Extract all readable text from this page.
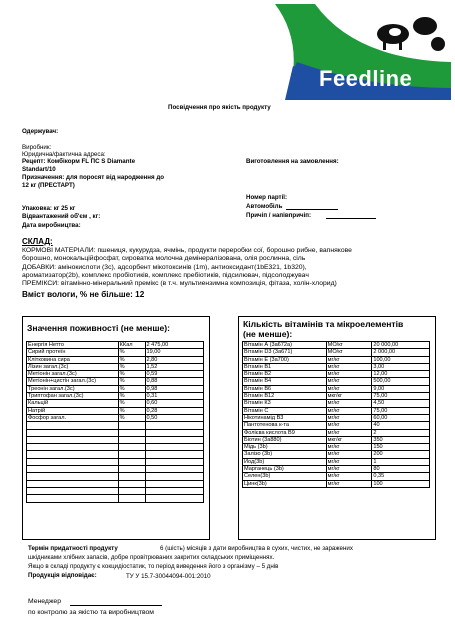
Feedline
Посвідчення про якість продукту
Одержувач:
Виробник:
Юридична/фактична адреса:
Рецепт: Комбікорм FL ПС S Diamante
Standart/10
Призначення: для поросят від народження до
12 кг (ПРЕСТАРТ)
Виготовлення на замовлення:
Номер партії:
Упаковка: кг 25 кг	Автомобіль
Відвантажений об'єм , кг:	Причіп / напівпричіп:
Дата виробництва:
СКЛАД:
КОРМОВІ МАТЕРІАЛИ: пшениця, кукурудза, ячмінь, продукти переробки сої, борошно рибне, вапнякове
борошно, монокальційфосфат, сироватка молочна демінералізована, олія рослинна, сіль
ДОБАВКИ: амінокислоти (3с), адсорбент мікотоксинів (1m), антиоксидант(1bE321, 1b320),
ароматизатор(2b), комплекс пробіотиків, комплекс пребіотиків, підсилювач, підсолоджувач
ПРЕМІКСИ: вітамінно-мінеральний премікс (в т.ч. мультиензимна композиція, фітаза, холін-хлорид)
Вміст вологи, % не більше: 12
Значення поживності (не менше):
Енергія Нетто	ККал	2 475,00
Сирий протеїн	%	19,00
Кліткoвина сира	%	2,80
Лізин загал.(3с)	%	1,52
Метіонін загал.(3с)	%	0,59
Метіонін+цистін загал.(3с)	%	0,88
Треонін загал.(3с)	%	0,98
Триптофан загал.(3с)	%	0,31
Кальцій	%	0,60
Натрій	%	0,28
Фосфор загал.	%	0,50

Кількість вітамінів та мікроелементів
(не менше):
Вітамін А (3a672a)	МО/кг	20 000,00
Вітамін D3 (3a671)	МО/кг	2 000,00
Вітамін Е (3a700)	мг/кг	100,00
Вітамін В1	мг/кг	3,00
Вітамін В2	мг/кг	12,00
Вітамін В4	мг/кг	500,00
Вітамін В6	мг/кг	9,00
Вітамін В12	мкг/кг	75,00
Вітамін К3	мг/кг	4,50
Вітамін С	мг/кг	75,00
Нікотинамід В3	мг/кг	60,00
Пантотенова к-та	мг/кг	40
Фолієва кислота В9	мг/кг	2
Біотин (3a880)	мкг/кг	350
Мідь (3b)	мг/кг	150
Залізо (3b)	мг/кг	200
Йод(3b)	мг/кг	1
Марганець (3b)	мг/кг	80
Селен(3b)	мг/кг	0,35
Цинк(3b)	мг/кг	100
Термін придатності продукту	6 (шість) місяців з дати виробництва в сухих, чистих, не заражених
шкідниками хлібних запасів, добре провітрюваних закритих складських приміщеннях.
Якщо в складі продукту є кокцидіостатик, то період виведення його з організму – 5 днів
Продукція відповідає:	ТУ У 15.7-30044094-001:2010
Менеджер
по контролю за якістю та виробництвом
